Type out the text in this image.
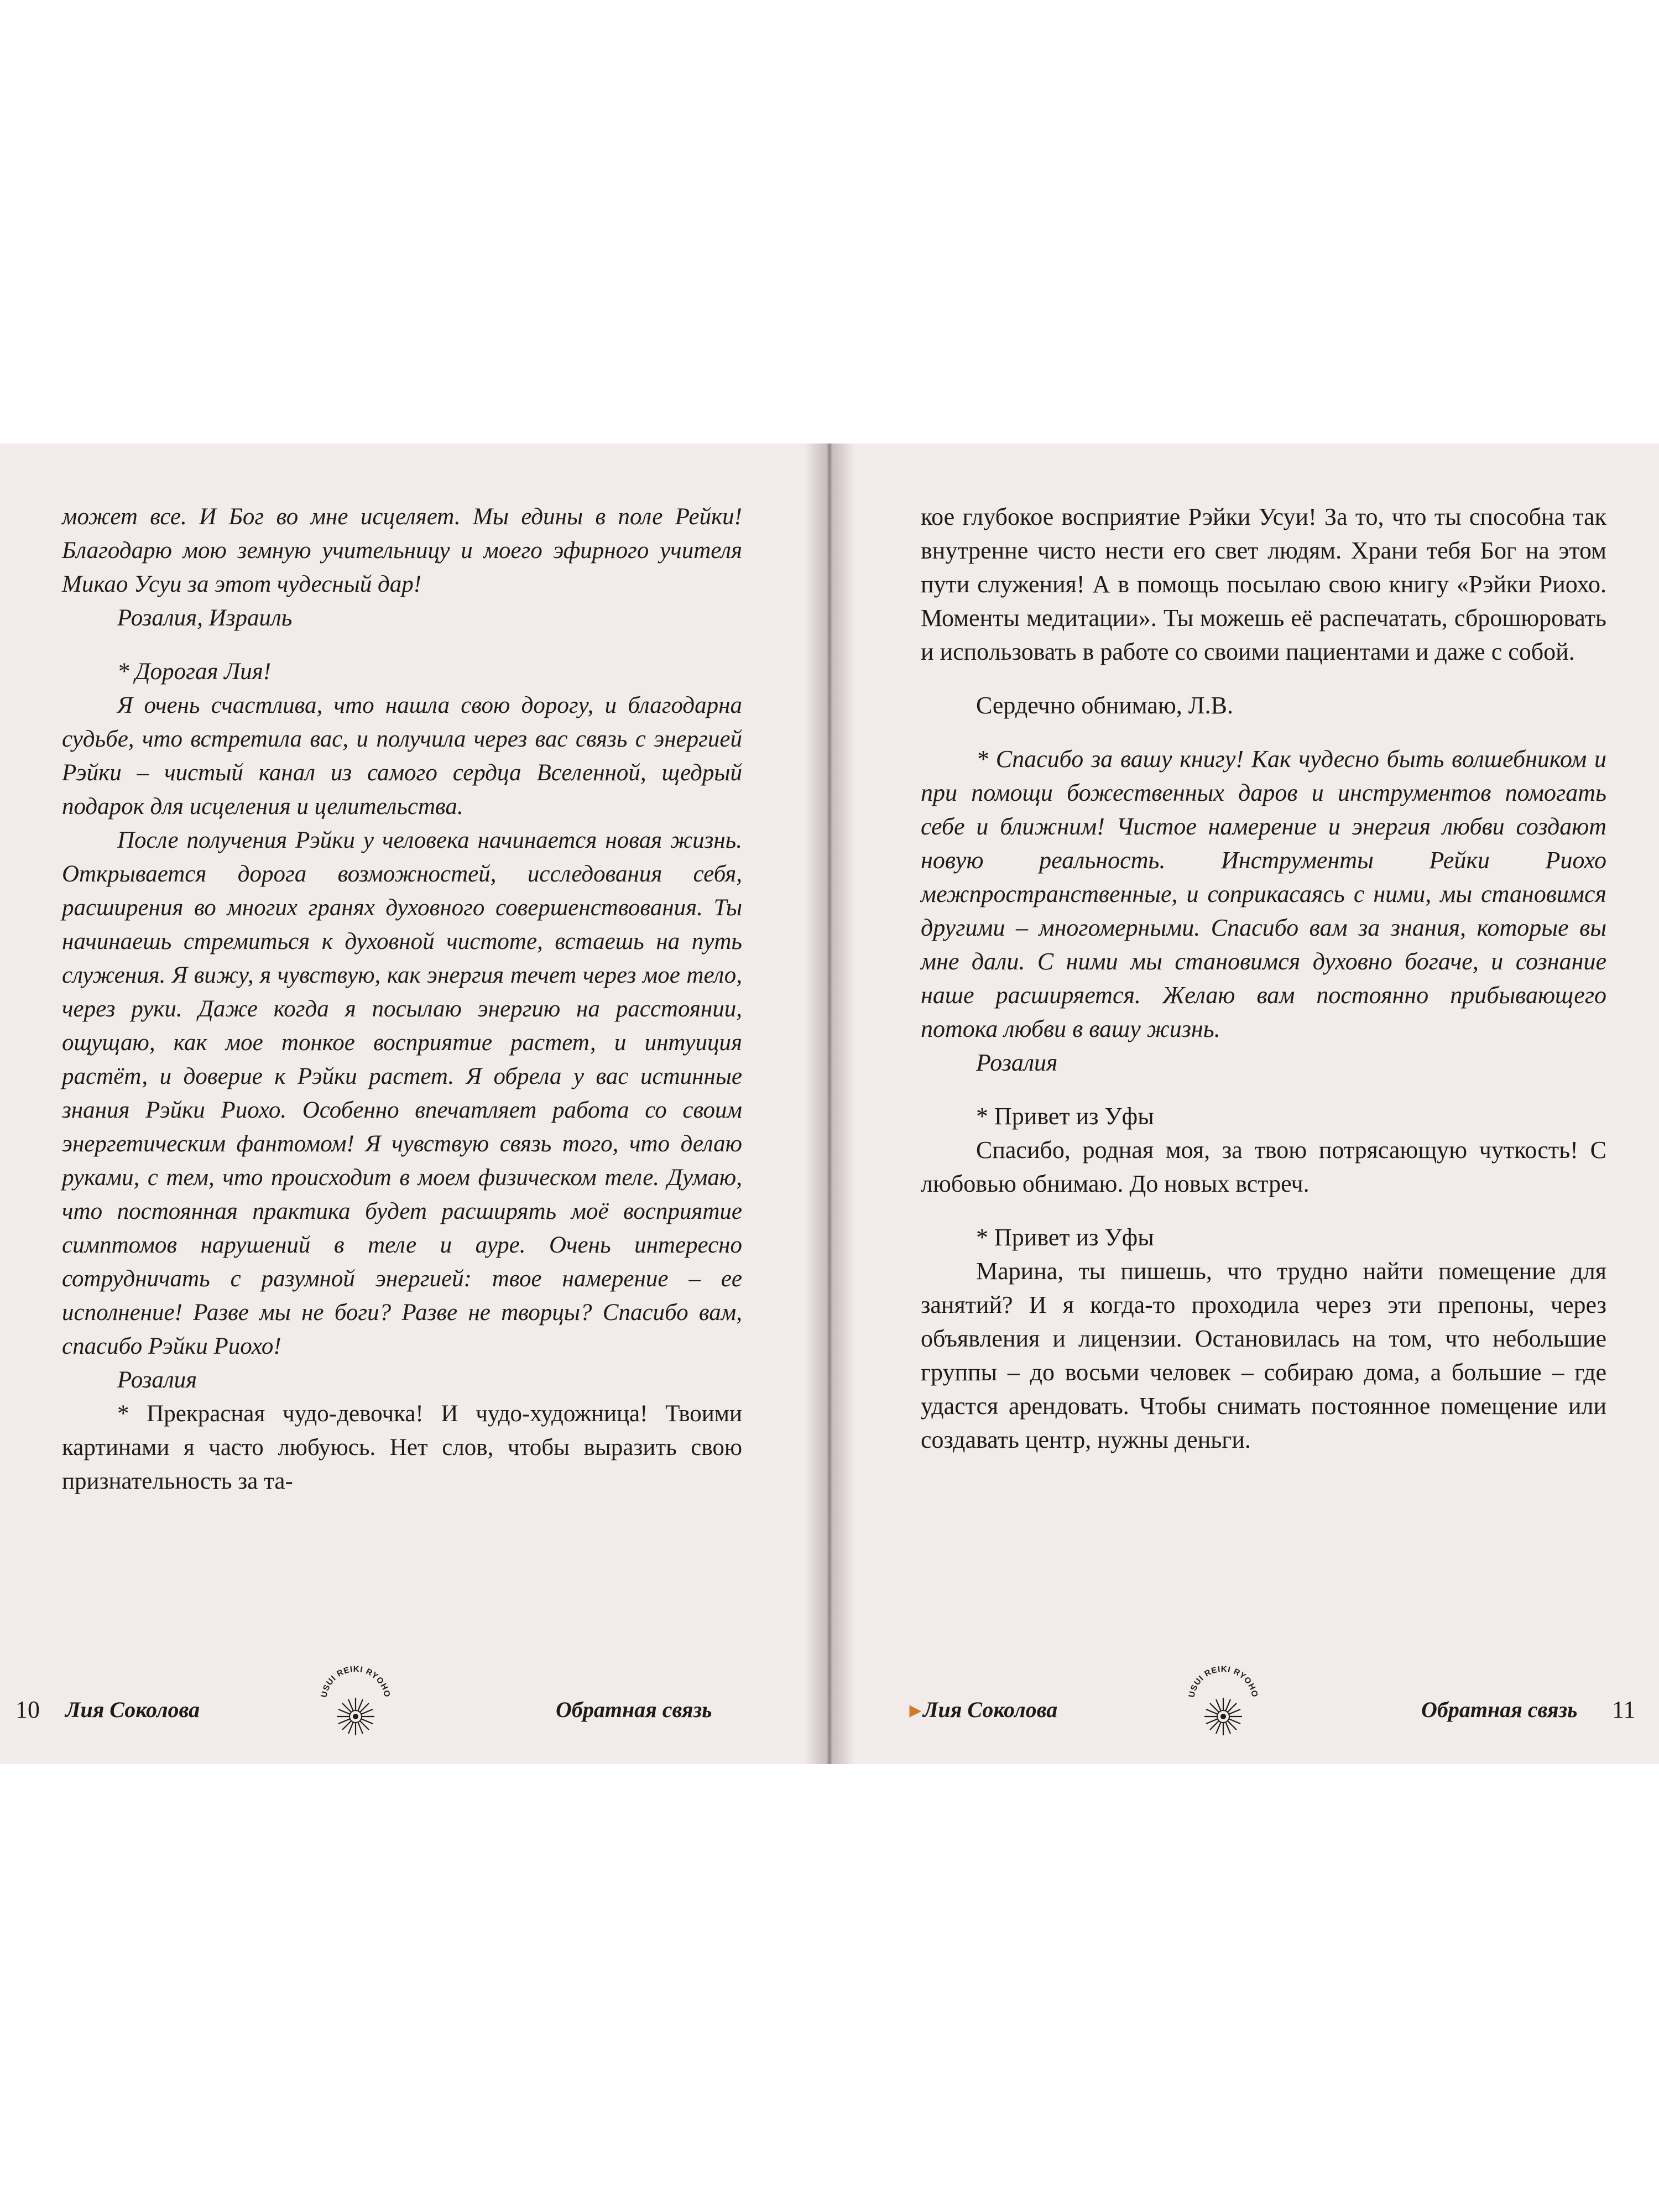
может все. И Бог во мне исцеляет. Мы едины в поле Рейки! Благодарю мою земную учительницу и моего эфирного учителя Микао Усуи за этот чудесный дар!

Розалия, Израиль

* Дорогая Лия!

Я очень счастлива, что нашла свою дорогу, и благодарна судьбе, что встретила вас, и получила через вас связь с энергией Рэйки – чистый канал из самого сердца Вселенной, щедрый подарок для исцеления и целительства.

После получения Рэйки у человека начинается новая жизнь. Открывается дорога возможностей, исследования себя, расширения во многих гранях духовного совершенствования. Ты начинаешь стремиться к духовной чистоте, встаешь на путь служения. Я вижу, я чувствую, как энергия течет через мое тело, через руки. Даже когда я посылаю энергию на расстоянии, ощущаю, как мое тонкое восприятие растет, и интуиция растёт, и доверие к Рэйки растет. Я обрела у вас истинные знания Рэйки Риохо. Особенно впечатляет работа со своим энергетическим фантомом! Я чувствую связь того, что делаю руками, с тем, что происходит в моем физическом теле. Думаю, что постоянная практика будет расширять моё восприятие симптомов нарушений в теле и ауре. Очень интересно сотрудничать с разумной энергией: твое намерение – ее исполнение! Разве мы не боги? Разве не творцы? Спасибо вам, спасибо Рэйки Риохо!

Розалия

* Прекрасная чудо-девочка! И чудо-художница! Твоими картинами я часто любуюсь. Нет слов, чтобы выразить свою признательность за та-

10 Лия Соколова
USUI REIKI RYOHO
Обратная связь

кое глубокое восприятие Рэйки Усуи! За то, что ты способна так внутренне чисто нести его свет людям. Храни тебя Бог на этом пути служения! А в помощь посылаю свою книгу «Рэйки Риохо. Моменты медитации». Ты можешь её распечатать, сброшюровать и использовать в работе со своими пациентами и даже с собой.

Сердечно обнимаю, Л.В.

* Спасибо за вашу книгу! Как чудесно быть волшебником и при помощи божественных даров и инструментов помогать себе и ближним! Чистое намерение и энергия любви создают новую реальность. Инструменты Рейки Риохо межпространственные, и соприкасаясь с ними, мы становимся другими – многомерными. Спасибо вам за знания, которые вы мне дали. С ними мы становимся духовно богаче, и сознание наше расширяется. Желаю вам постоянно прибывающего потока любви в вашу жизнь.

Розалия

* Привет из Уфы

Спасибо, родная моя, за твою потрясающую чуткость! С любовью обнимаю. До новых встреч.

* Привет из Уфы

Марина, ты пишешь, что трудно найти помещение для занятий? И я когда-то проходила через эти препоны, через объявления и лицензии. Остановилась на том, что небольшие группы – до восьми человек – собираю дома, а большие – где удастся арендовать. Чтобы снимать постоянное помещение или создавать центр, нужны деньги.

▸ Лия Соколова
USUI REIKI RYOHO
Обратная связь 11
